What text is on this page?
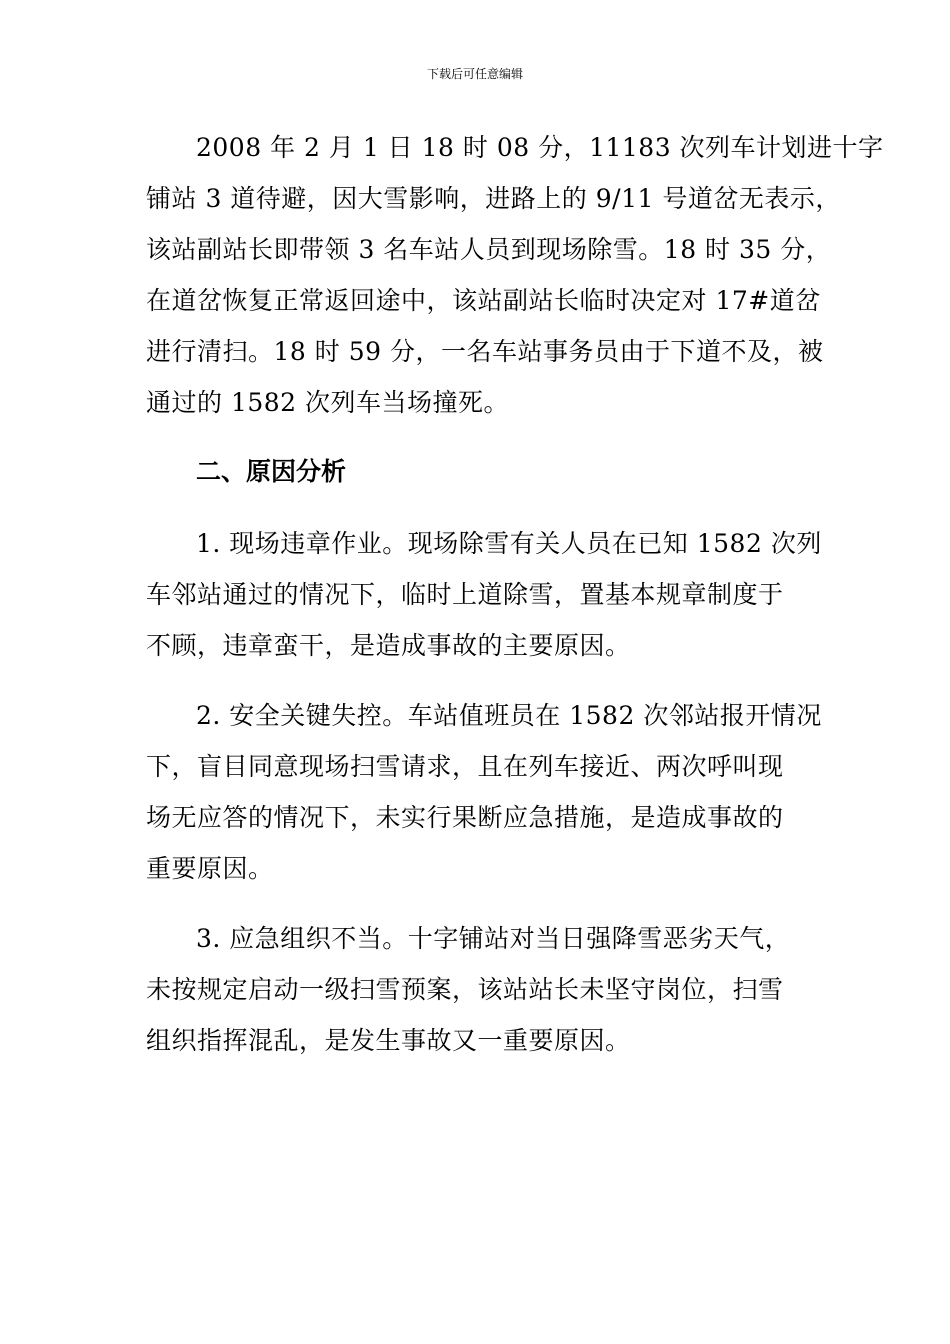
下载后可任意编辑
2008 年 2 月 1 日 18 时 08 分，11183 次列车计划进十字
铺站 3 道待避，因大雪影响，进路上的 9/11 号道岔无表示，
该站副站长即带领 3 名车站人员到现场除雪。18 时 35 分，
在道岔恢复正常返回途中，该站副站长临时决定对 17#道岔
进行清扫。18 时 59 分，一名车站事务员由于下道不及，被
通过的 1582 次列车当场撞死。
二、原因分析
1. 现场违章作业。现场除雪有关人员在已知 1582 次列
车邻站通过的情况下，临时上道除雪，置基本规章制度于
不顾，违章蛮干，是造成事故的主要原因。
2. 安全关键失控。车站值班员在 1582 次邻站报开情况
下，盲目同意现场扫雪请求，且在列车接近、两次呼叫现
场无应答的情况下，未实行果断应急措施，是造成事故的
重要原因。
3. 应急组织不当。十字铺站对当日强降雪恶劣天气，
未按规定启动一级扫雪预案，该站站长未坚守岗位，扫雪
组织指挥混乱，是发生事故又一重要原因。
